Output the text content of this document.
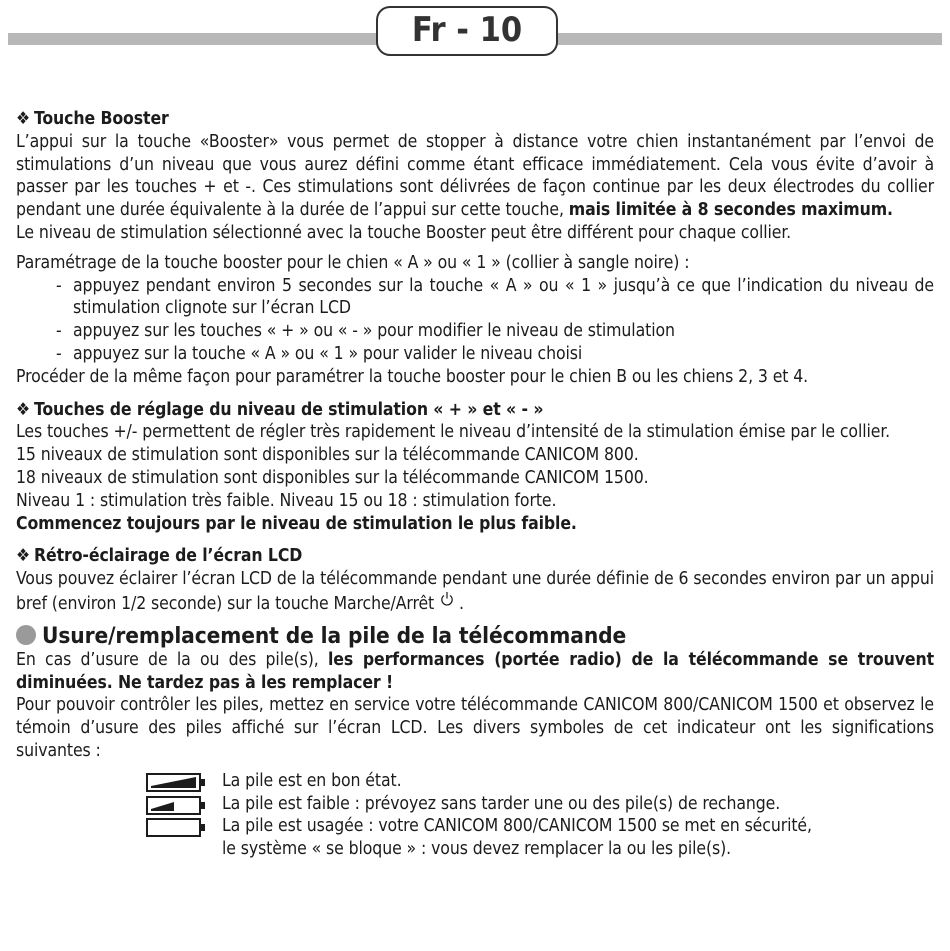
Fr - 10
❖ Touche Booster

L’appui sur la touche «Booster» vous permet de stopper à distance votre chien instantanément par l’envoi de stimulations d’un niveau que vous aurez défini comme étant efficace immédiatement. Cela vous évite d’avoir à passer par les touches + et -. Ces stimulations sont délivrées de façon continue par les deux électrodes du collier pendant une durée équivalente à la durée de l’appui sur cette touche, mais limitée à 8 secondes maximum.

Le niveau de stimulation sélectionné avec la touche Booster peut être différent pour chaque collier.

Paramétrage de la touche booster pour le chien « A » ou « 1 » (collier à sangle noire) :

- appuyez pendant environ 5 secondes sur la touche « A » ou « 1 » jusqu’à ce que l’indication du niveau de stimulation clignote sur l’écran LCD
- appuyez sur les touches « + » ou « - » pour modifier le niveau de stimulation
- appuyez sur la touche « A » ou « 1 » pour valider le niveau choisi

Procéder de la même façon pour paramétrer la touche booster pour le chien B ou les chiens 2, 3 et 4.

❖ Touches de réglage du niveau de stimulation « + » et « - »

Les touches +/- permettent de régler très rapidement le niveau d’intensité de la stimulation émise par le collier.

15 niveaux de stimulation sont disponibles sur la télécommande CANICOM 800.

18 niveaux de stimulation sont disponibles sur la télécommande CANICOM 1500.

Niveau 1 : stimulation très faible. Niveau 15 ou 18 : stimulation forte.

Commencez toujours par le niveau de stimulation le plus faible.

❖ Rétro-éclairage de l’écran LCD

Vous pouvez éclairer l’écran LCD de la télécommande pendant une durée définie de 6 secondes environ par un appui bref (environ 1/2 seconde) sur la touche Marche/Arrêt .

Usure/remplacement de la pile de la télécommande

En cas d’usure de la ou des pile(s), les performances (portée radio) de la télécommande se trouvent diminuées. Ne tardez pas à les remplacer !

Pour pouvoir contrôler les piles, mettez en service votre télécommande CANICOM 800/CANICOM 1500 et observez le témoin d’usure des piles affiché sur l’écran LCD. Les divers symboles de cet indicateur ont les significations suivantes :

La pile est en bon état.
La pile est faible : prévoyez sans tarder une ou des pile(s) de rechange.
La pile est usagée : votre CANICOM 800/CANICOM 1500 se met en sécurité,
le système « se bloque » : vous devez remplacer la ou les pile(s).
